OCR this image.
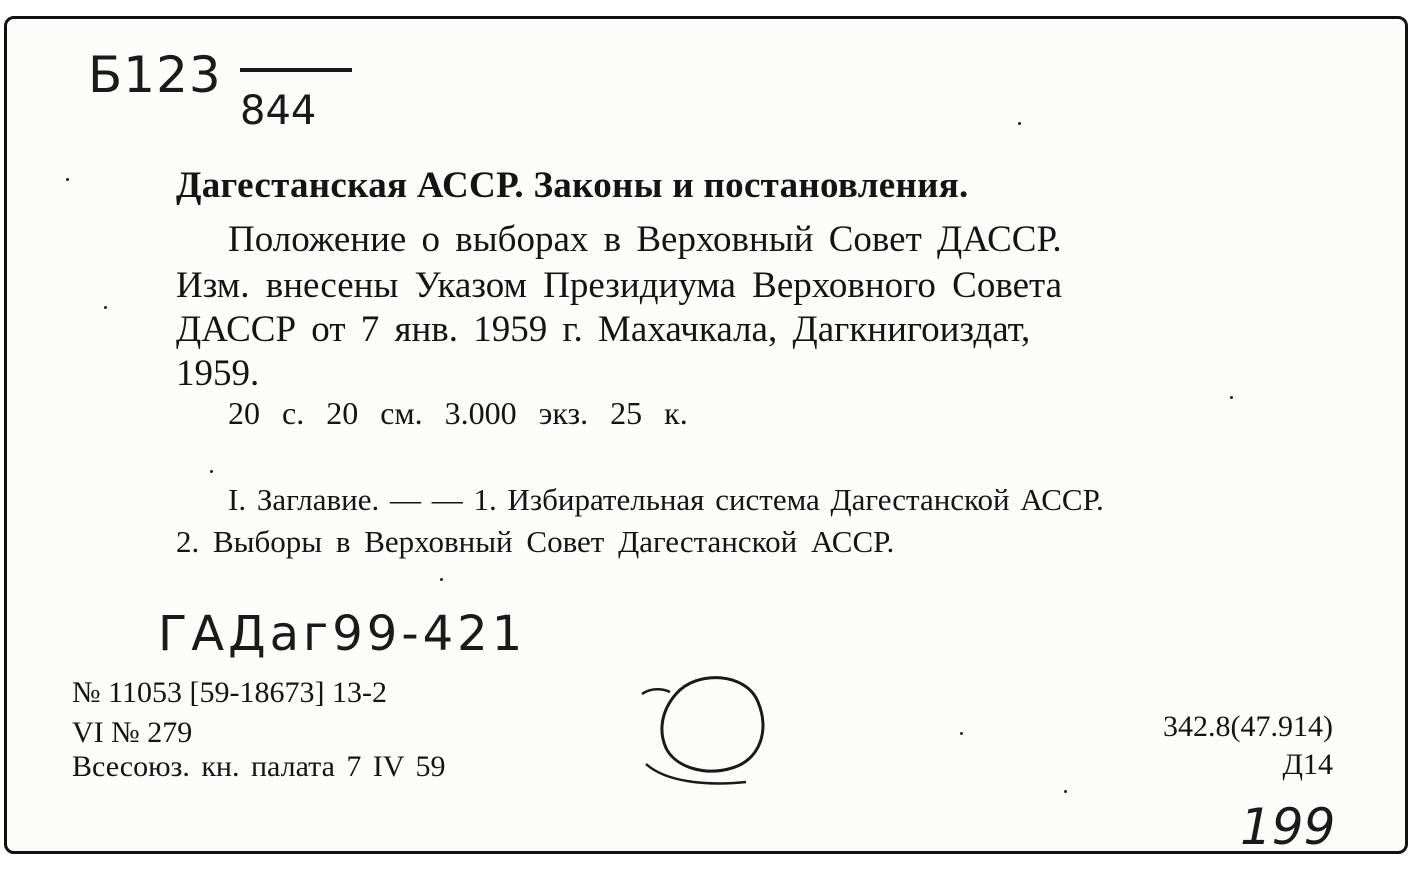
Б123
844
Дагестанская АССР. Законы и постановления.
Положение о выборах в Верховный Совет ДАССР.
Изм. внесены Указом Президиума Верховного Совета
ДАССР от 7 янв. 1959 г. Махачкала, Дагкнигоиздат,
1959.
20 с. 20 см. 3.000 экз. 25 к.
I. Заглавие. — — 1. Избирательная система Дагестанской АССР.
2. Выборы в Верховный Совет Дагестанской АССР.
ГАДаг99-421
№ 11053 [59-18673] 13-2
VI № 279
Всесоюз. кн. палата 7 IV 59
342.8(47.914)
Д14
199
